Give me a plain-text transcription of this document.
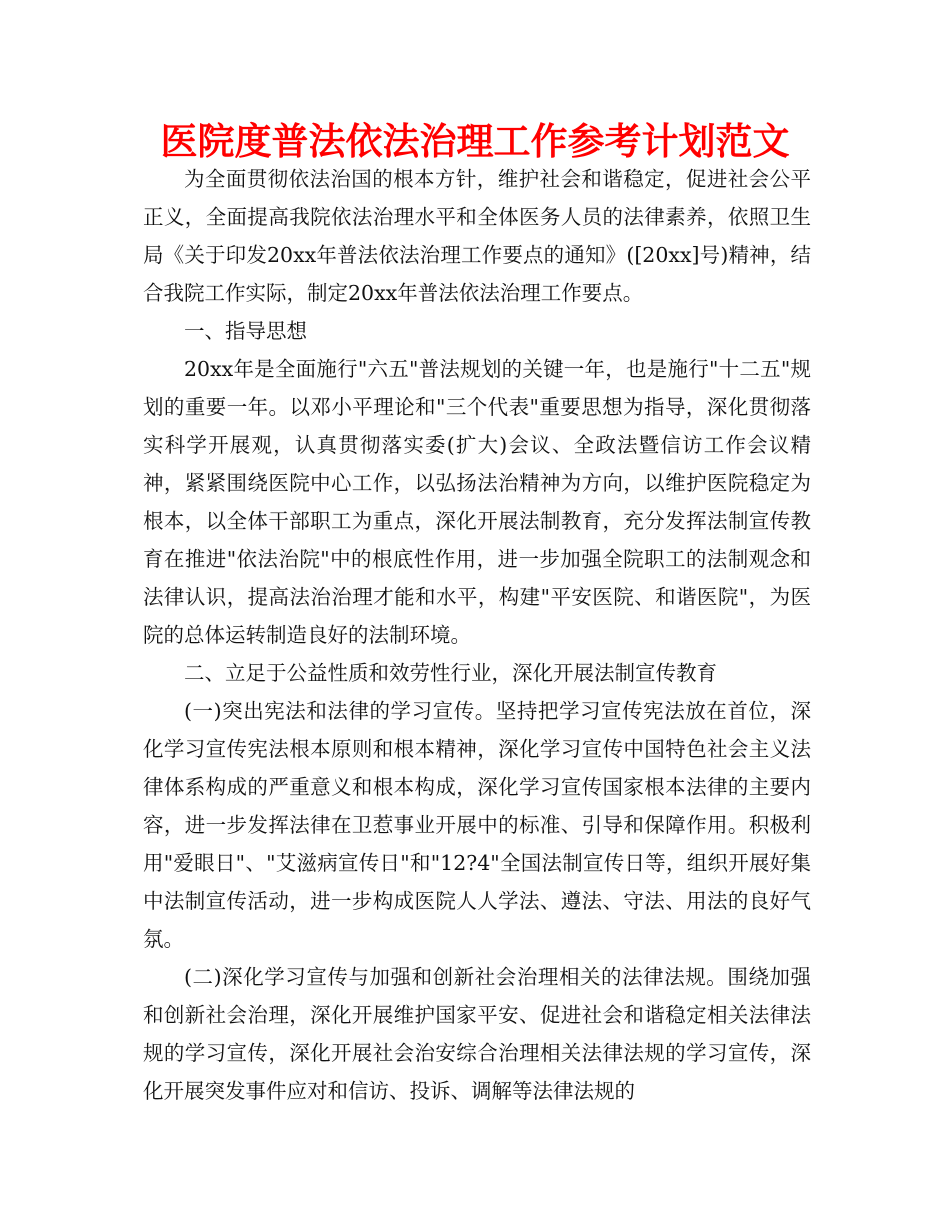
医院度普法依法治理工作参考计划范文

为全面贯彻依法治国的根本方针，维护社会和谐稳定，促进社会公平正义，全面提高我院依法治理水平和全体医务人员的法律素养，依照卫生局《关于印发20xx年普法依法治理工作要点的通知》([20xx]号)精神，结合我院工作实际，制定20xx年普法依法治理工作要点。

一、指导思想

20xx年是全面施行"六五"普法规划的关键一年，也是施行"十二五"规划的重要一年。以邓小平理论和"三个代表"重要思想为指导，深化贯彻落实科学开展观，认真贯彻落实委(扩大)会议、全政法暨信访工作会议精神，紧紧围绕医院中心工作，以弘扬法治精神为方向，以维护医院稳定为根本，以全体干部职工为重点，深化开展法制教育，充分发挥法制宣传教育在推进"依法治院"中的根底性作用，进一步加强全院职工的法制观念和法律认识，提高法治治理才能和水平，构建"平安医院、和谐医院"，为医院的总体运转制造良好的法制环境。

二、立足于公益性质和效劳性行业，深化开展法制宣传教育

(一)突出宪法和法律的学习宣传。坚持把学习宣传宪法放在首位，深化学习宣传宪法根本原则和根本精神，深化学习宣传中国特色社会主义法律体系构成的严重意义和根本构成，深化学习宣传国家根本法律的主要内容，进一步发挥法律在卫惹事业开展中的标准、引导和保障作用。积极利用"爱眼日"、"艾滋病宣传日"和"12?4"全国法制宣传日等，组织开展好集中法制宣传活动，进一步构成医院人人学法、遵法、守法、用法的良好气氛。

(二)深化学习宣传与加强和创新社会治理相关的法律法规。围绕加强和创新社会治理，深化开展维护国家平安、促进社会和谐稳定相关法律法规的学习宣传，深化开展社会治安综合治理相关法律法规的学习宣传，深化开展突发事件应对和信访、投诉、调解等法律法规的
